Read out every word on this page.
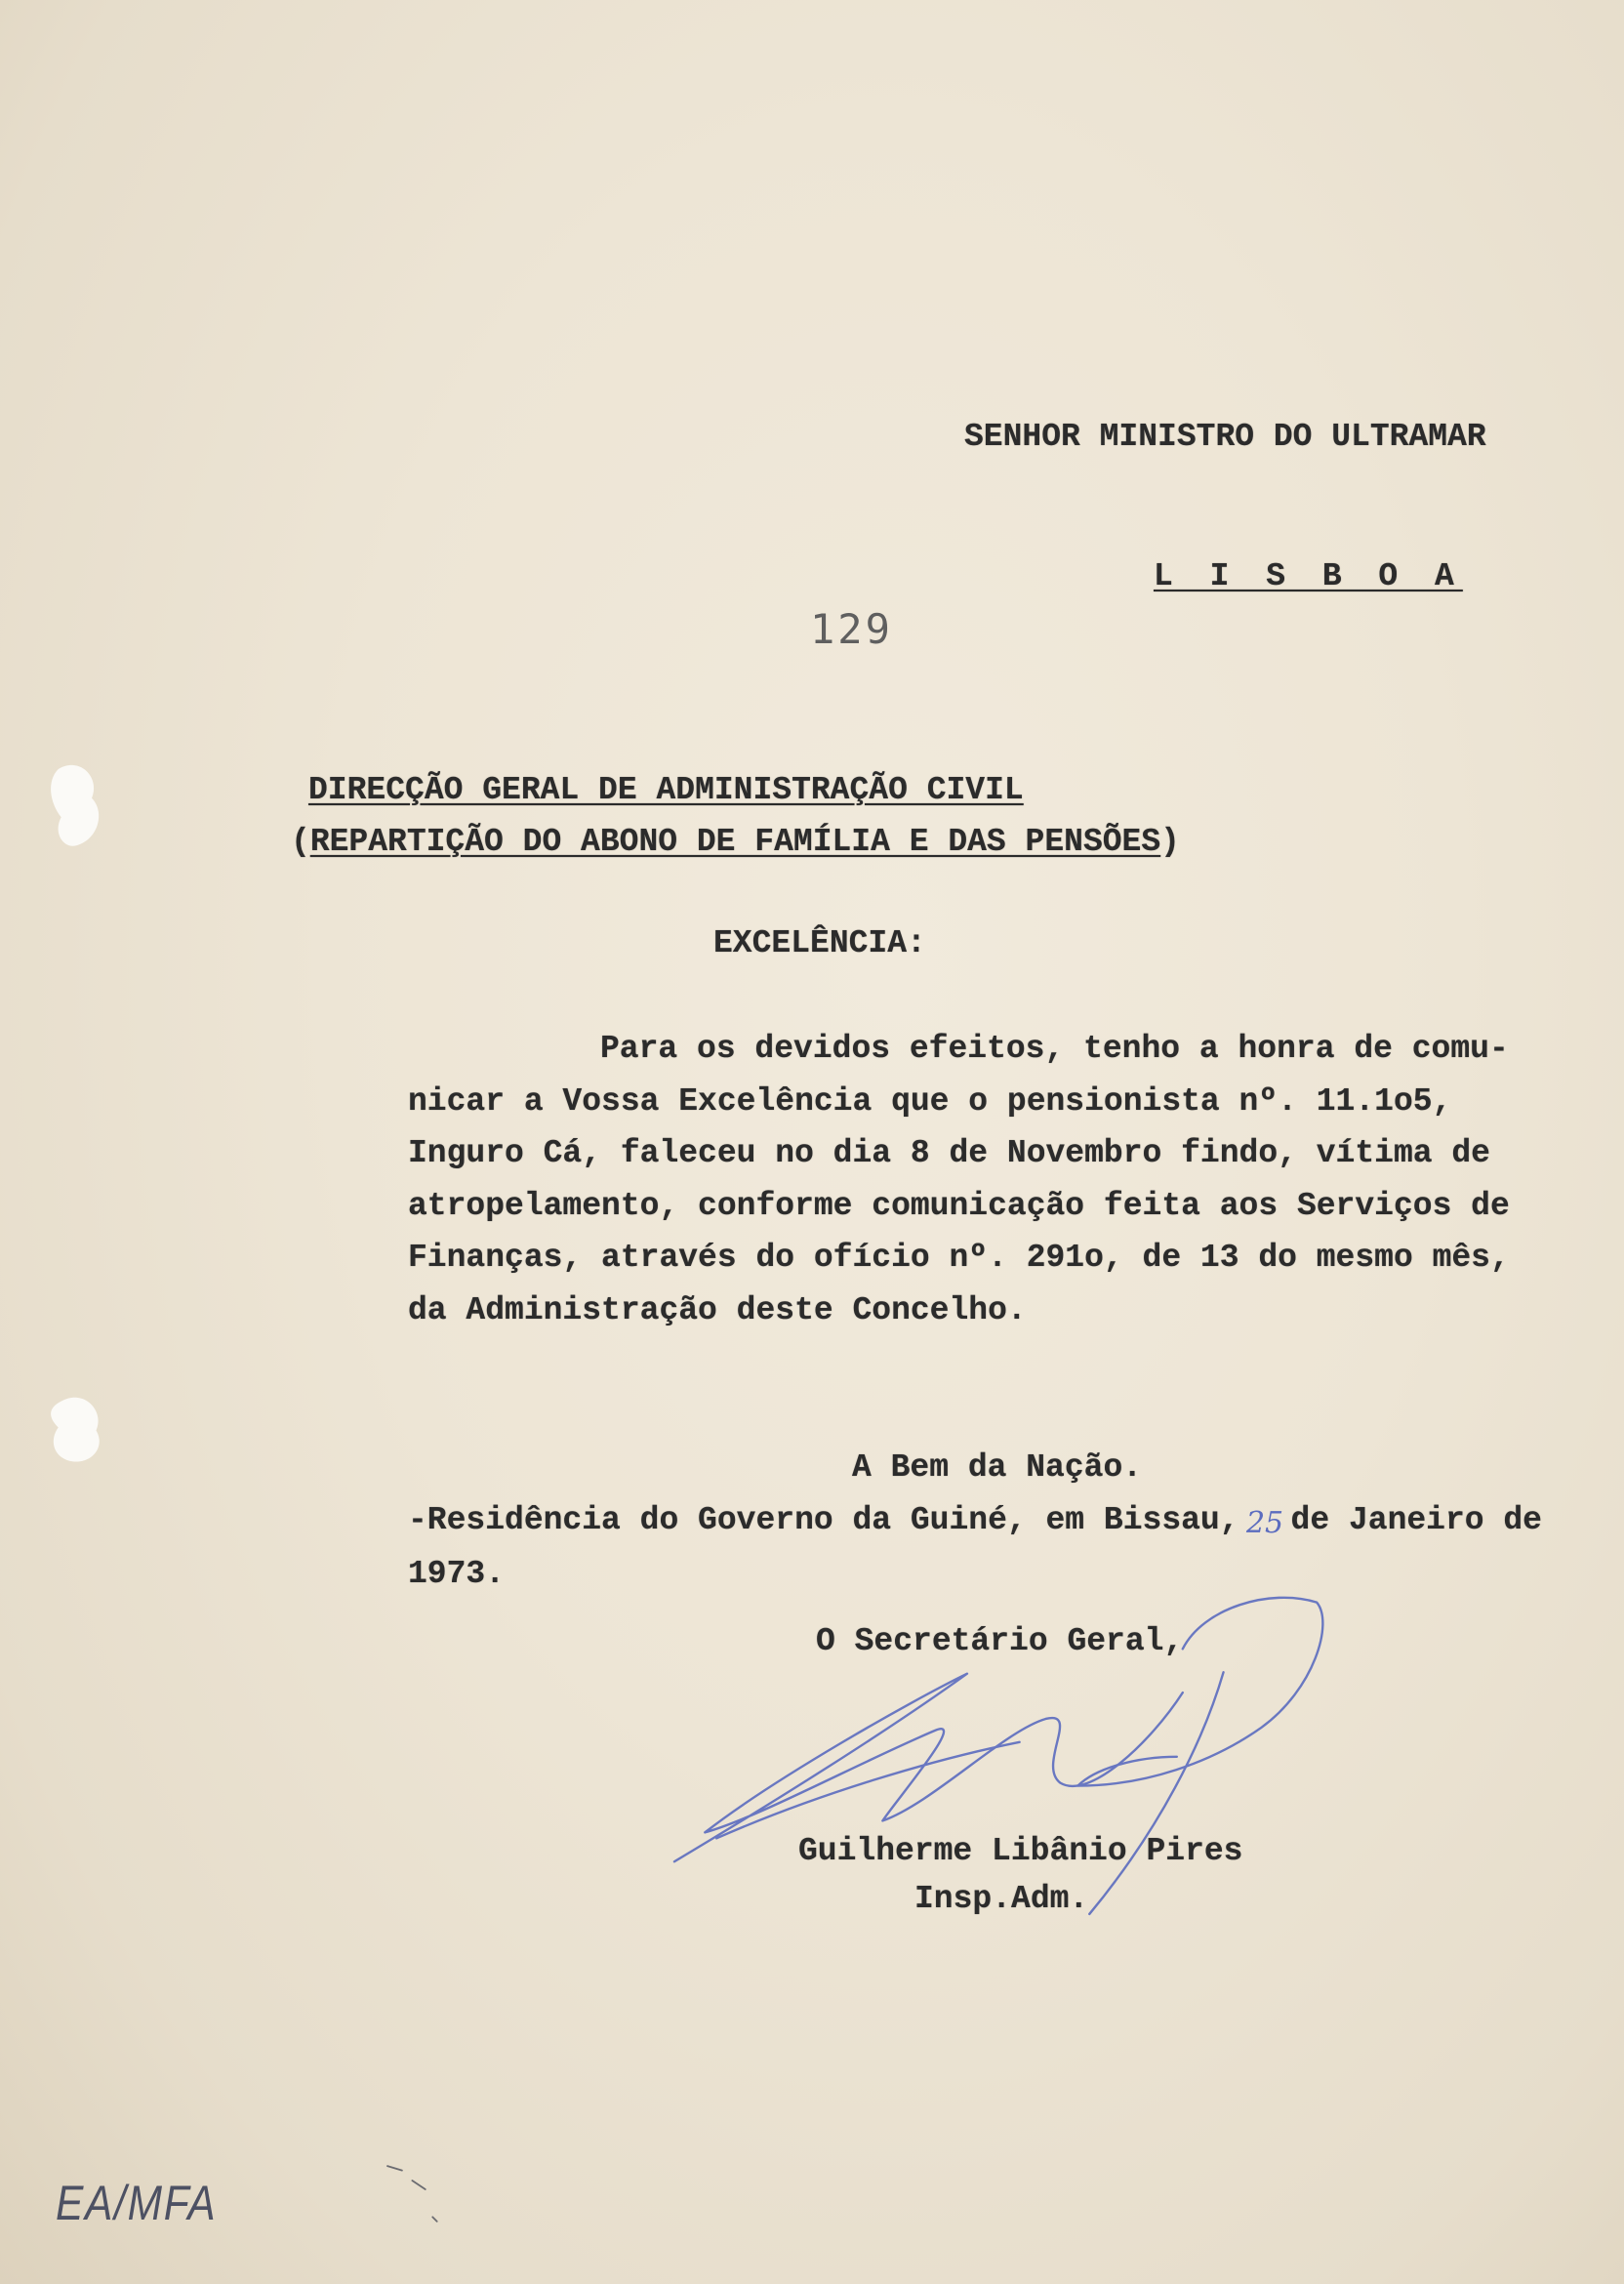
SENHOR MINISTRO DO ULTRAMAR
L I S B O A
129
DIRECÇÃO GERAL DE ADMINISTRAÇÃO CIVIL
(REPARTIÇÃO DO ABONO DE FAMÍLIA E DAS PENSÕES)
EXCELÊNCIA:
Para os devidos efeitos, tenho a honra de comu-
nicar a Vossa Excelência que o pensionista nº. 11.1o5,
Inguro Cá, faleceu no dia 8 de Novembro findo, vítima de
atropelamento, conforme comunicação feita aos Serviços de
Finanças, através do ofício nº. 291o, de 13 do mesmo mês,
da Administração deste Concelho.
A Bem da Nação.
-Residência do Governo da Guiné, em Bissau, 25 de Janeiro de
1973.
O Secretário Geral,
Guilherme Libânio Pires
Insp.Adm.
EA/MFA
